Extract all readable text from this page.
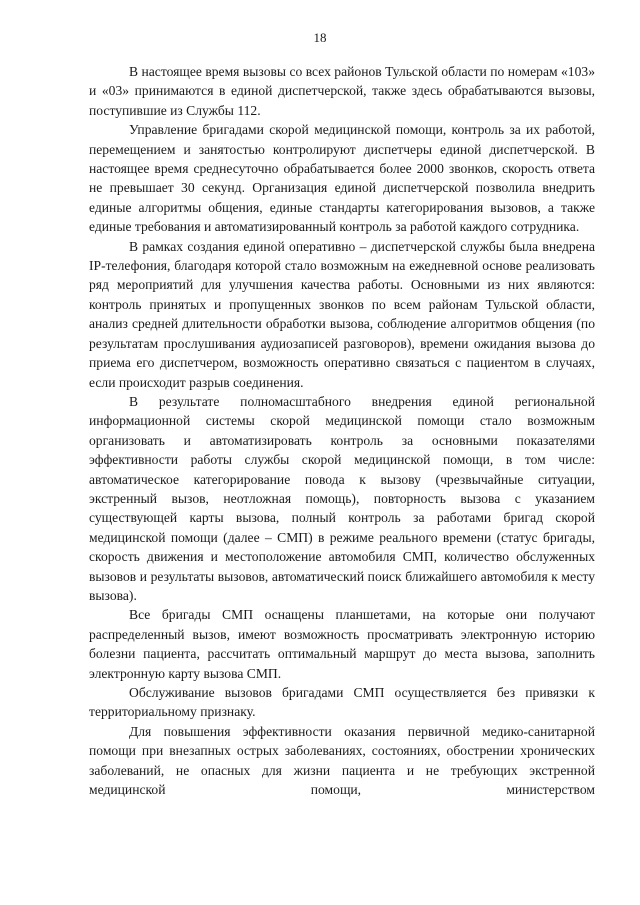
18

В настоящее время вызовы со всех районов Тульской области по номерам «103» и «03» принимаются в единой диспетчерской, также здесь обрабатываются вызовы, поступившие из Службы 112.

Управление бригадами скорой медицинской помощи, контроль за их работой, перемещением и занятостью контролируют диспетчеры единой диспетчерской. В настоящее время среднесуточно обрабатывается более 2000 звонков, скорость ответа не превышает 30 секунд. Организация единой диспетчерской позволила внедрить единые алгоритмы общения, единые стандарты категорирования вызовов, а также единые требования и автоматизированный контроль за работой каждого сотрудника.

В рамках создания единой оперативно – диспетчерской службы была внедрена IP-телефония, благодаря которой стало возможным на ежедневной основе реализовать ряд мероприятий для улучшения качества работы. Основными из них являются: контроль принятых и пропущенных звонков по всем районам Тульской области, анализ средней длительности обработки вызова, соблюдение алгоритмов общения (по результатам прослушивания аудиозаписей разговоров), времени ожидания вызова до приема его диспетчером, возможность оперативно связаться с пациентом в случаях, если происходит разрыв соединения.

В результате полномасштабного внедрения единой региональной информационной системы скорой медицинской помощи стало возможным организовать и автоматизировать контроль за основными показателями эффективности работы службы скорой медицинской помощи, в том числе: автоматическое категорирование повода к вызову (чрезвычайные ситуации, экстренный вызов, неотложная помощь), повторность вызова с указанием существующей карты вызова, полный контроль за работами бригад скорой медицинской помощи (далее – СМП) в режиме реального времени (статус бригады, скорость движения и местоположение автомобиля СМП, количество обслуженных вызовов и результаты вызовов, автоматический поиск ближайшего автомобиля к месту вызова).

Все бригады СМП оснащены планшетами, на которые они получают распределенный вызов, имеют возможность просматривать электронную историю болезни пациента, рассчитать оптимальный маршрут до места вызова, заполнить электронную карту вызова СМП.

Обслуживание вызовов бригадами СМП осуществляется без привязки к территориальному признаку.

Для повышения эффективности оказания первичной медико-санитарной помощи при внезапных острых заболеваниях, состояниях, обострении хронических заболеваний, не опасных для жизни пациента и не требующих экстренной медицинской помощи, министерством
